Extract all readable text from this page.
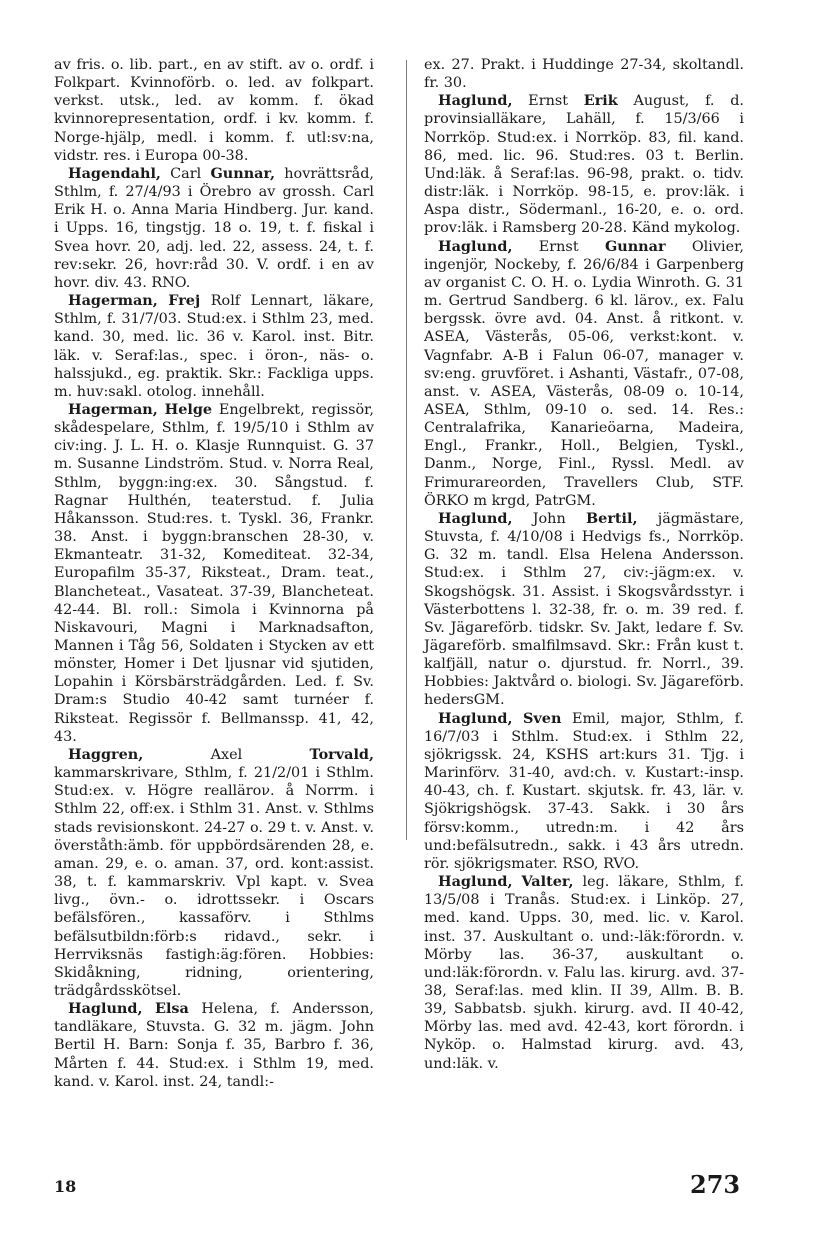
av fris. o. lib. part., en av stift. av o. ordf. i Folkpart. Kvinnoförb. o. led. av folkpart. verkst. utsk., led. av komm. f. ökad kvinnorepresentation, ordf. i kv. komm. f. Norge-hjälp, medl. i komm. f. utl:sv:na, vidstr. res. i Europa 00-38.

Hagendahl, Carl Gunnar, hovrättsråd, Sthlm, f. 27/4/93 i Örebro av grossh. Carl Erik H. o. Anna Maria Hindberg. Jur. kand. i Upps. 16, tingstjg. 18 o. 19, t. f. fiskal i Svea hovr. 20, adj. led. 22, assess. 24, t. f. rev:sekr. 26, hovr:råd 30. V. ordf. i en av hovr. div. 43. RNO.

Hagerman, Frej Rolf Lennart, läkare, Sthlm, f. 31/7/03. Stud:ex. i Sthlm 23, med. kand. 30, med. lic. 36 v. Karol. inst. Bitr. läk. v. Seraf:las., spec. i öron-, näs- o. halssjukd., eg. praktik. Skr.: Fackliga upps. m. huv:sakl. otolog. innehåll.

Hagerman, Helge Engelbrekt, regissör, skådespelare, Sthlm, f. 19/5/10 i Sthlm av civ:ing. J. L. H. o. Klasje Runnquist. G. 37 m. Susanne Lindström. Stud. v. Norra Real, Sthlm, byggn:ing:ex. 30. Sångstud. f. Ragnar Hulthén, teaterstud. f. Julia Håkansson. Stud:res. t. Tyskl. 36, Frankr. 38. Anst. i byggn:branschen 28-30, v. Ekmanteatr. 31-32, Komediteat. 32-34, Europafilm 35-37, Riksteat., Dram. teat., Blancheteat., Vasateat. 37-39, Blancheteat. 42-44. Bl. roll.: Simola i Kvinnorna på Niskavouri, Magni i Marknadsafton, Mannen i Tåg 56, Soldaten i Stycken av ett mönster, Homer i Det ljusnar vid sjutiden, Lopahin i Körsbärsträdgården. Led. f. Sv. Dram:s Studio 40-42 samt turnéer f. Riksteat. Regissör f. Bellmanssp. 41, 42, 43.

Haggren, Axel Torvald, kammarskrivare, Sthlm, f. 21/2/01 i Sthlm. Stud:ex. v. Högre realläroν. å Norrm. i Sthlm 22, off:ex. i Sthlm 31. Anst. v. Sthlms stads revisionskont. 24-27 o. 29 t. v. Anst. v. överståth:ämb. för uppbördsärenden 28, e. aman. 29, e. o. aman. 37, ord. kont:assist. 38, t. f. kammarskriv. Vpl kapt. v. Svea livg., övn.- o. idrottssekr. i Oscars befälsfören., kassaförv. i Sthlms befälsutbildn:förb:s ridavd., sekr. i Herrviksnäs fastigh:äg:fören. Hobbies: Skidåkning, ridning, orientering, trädgårdsskötsel.

Haglund, Elsa Helena, f. Andersson, tandläkare, Stuvsta. G. 32 m. jägm. John Bertil H. Barn: Sonja f. 35, Barbro f. 36, Mårten f. 44. Stud:ex. i Sthlm 19, med. kand. v. Karol. inst. 24, tandl:-

ex. 27. Prakt. i Huddinge 27-34, skoltandl. fr. 30.

Haglund, Ernst Erik August, f. d. provinsialläkare, Lahäll, f. 15/3/66 i Norrköp. Stud:ex. i Norrköp. 83, fil. kand. 86, med. lic. 96. Stud:res. 03 t. Berlin. Und:läk. å Seraf:las. 96-98, prakt. o. tidv. distr:läk. i Norrköp. 98-15, e. prov:läk. i Aspa distr., Södermanl., 16-20, e. o. ord. prov:läk. i Ramsberg 20-28. Känd mykolog.

Haglund, Ernst Gunnar Olivier, ingenjör, Nockeby, f. 26/6/84 i Garpenberg av organist C. O. H. o. Lydia Winroth. G. 31 m. Gertrud Sandberg. 6 kl. lärov., ex. Falu bergssk. övre avd. 04. Anst. å ritkont. v. ASEA, Västerås, 05-06, verkst:kont. v. Vagnfabr. A-B i Falun 06-07, manager v. sv:eng. gruvföret. i Ashanti, Västafr., 07-08, anst. v. ASEA, Västerås, 08-09 o. 10-14, ASEA, Sthlm, 09-10 o. sed. 14. Res.: Centralafrika, Kanarieöarna, Madeira, Engl., Frankr., Holl., Belgien, Tyskl., Danm., Norge, Finl., Ryssl. Medl. av Frimurareorden, Travellers Club, STF. ÖRKO m krgd, PatrGM.

Haglund, John Bertil, jägmästare, Stuvsta, f. 4/10/08 i Hedvigs fs., Norrköp. G. 32 m. tandl. Elsa Helena Andersson. Stud:ex. i Sthlm 27, civ:-jägm:ex. v. Skogshögsk. 31. Assist. i Skogsvårdsstyr. i Västerbottens l. 32-38, fr. o. m. 39 red. f. Sv. Jägareförb. tidskr. Sv. Jakt, ledare f. Sv. Jägareförb. smalfilmsavd. Skr.: Från kust t. kalfjäll, natur o. djurstud. fr. Norrl., 39. Hobbies: Jaktvård o. biologi. Sv. Jägareförb. hedersGM.

Haglund, Sven Emil, major, Sthlm, f. 16/7/03 i Sthlm. Stud:ex. i Sthlm 22, sjökrigssk. 24, KSHS art:kurs 31. Tjg. i Marinförv. 31-40, avd:ch. v. Kustart:-insp. 40-43, ch. f. Kustart. skjutsk. fr. 43, lär. v. Sjökrigshögsk. 37-43. Sakk. i 30 års försv:komm., utredn:m. i 42 års und:befälsutredn., sakk. i 43 års utredn. rör. sjökrigsmater. RSO, RVO.

Haglund, Valter, leg. läkare, Sthlm, f. 13/5/08 i Tranås. Stud:ex. i Linköp. 27, med. kand. Upps. 30, med. lic. v. Karol. inst. 37. Auskultant o. und:-läk:förordn. v. Mörby las. 36-37, auskultant o. und:läk:förordn. v. Falu las. kirurg. avd. 37-38, Seraf:las. med klin. II 39, Allm. B. B. 39, Sabbatsb. sjukh. kirurg. avd. II 40-42, Mörby las. med avd. 42-43, kort förordn. i Nyköp. o. Halmstad kirurg. avd. 43, und:läk. v.

18	273
